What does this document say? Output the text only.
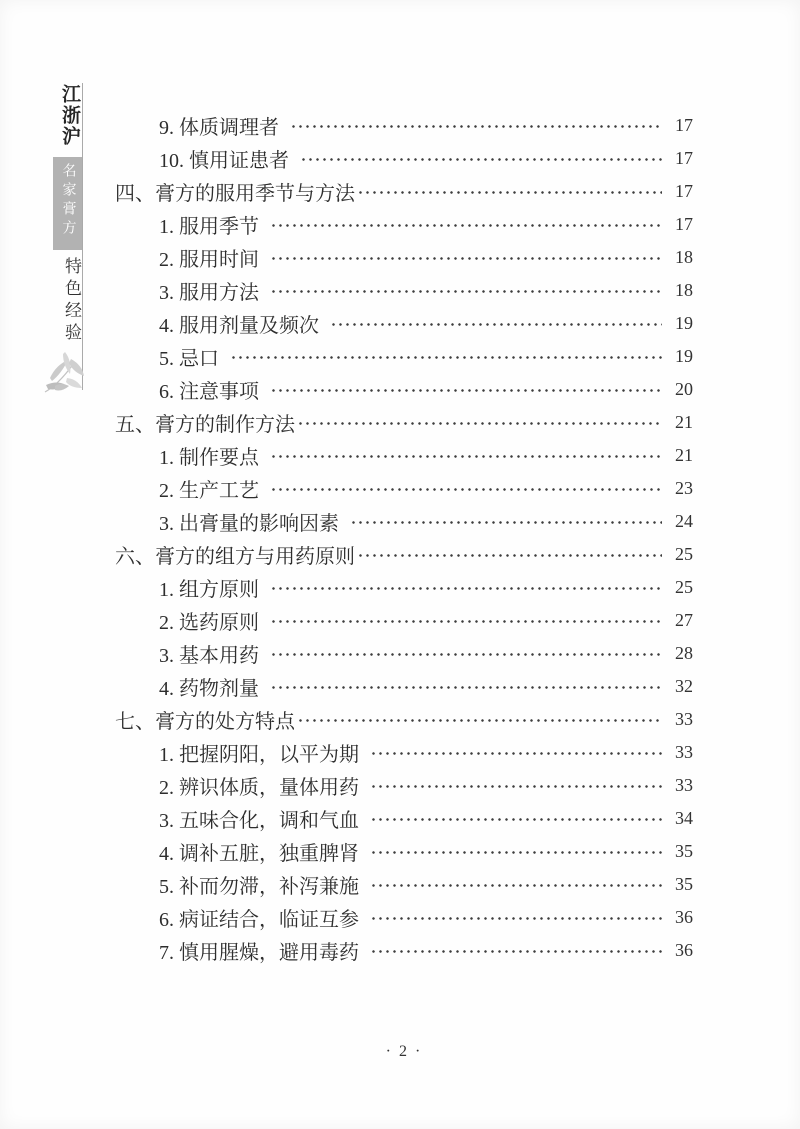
江浙沪
名家膏方
特色经验
9. 体质调理者	17
10. 慎用证患者	17
四、膏方的服用季节与方法	17
1. 服用季节	17
2. 服用时间	18
3. 服用方法	18
4. 服用剂量及频次	19
5. 忌口	19
6. 注意事项	20
五、膏方的制作方法	21
1. 制作要点	21
2. 生产工艺	23
3. 出膏量的影响因素	24
六、膏方的组方与用药原则	25
1. 组方原则	25
2. 选药原则	27
3. 基本用药	28
4. 药物剂量	32
七、膏方的处方特点	33
1. 把握阴阳，以平为期	33
2. 辨识体质，量体用药	33
3. 五味合化，调和气血	34
4. 调补五脏，独重脾肾	35
5. 补而勿滞，补泻兼施	35
6. 病证结合，临证互参	36
7. 慎用腥燥，避用毒药	36
· 2 ·
